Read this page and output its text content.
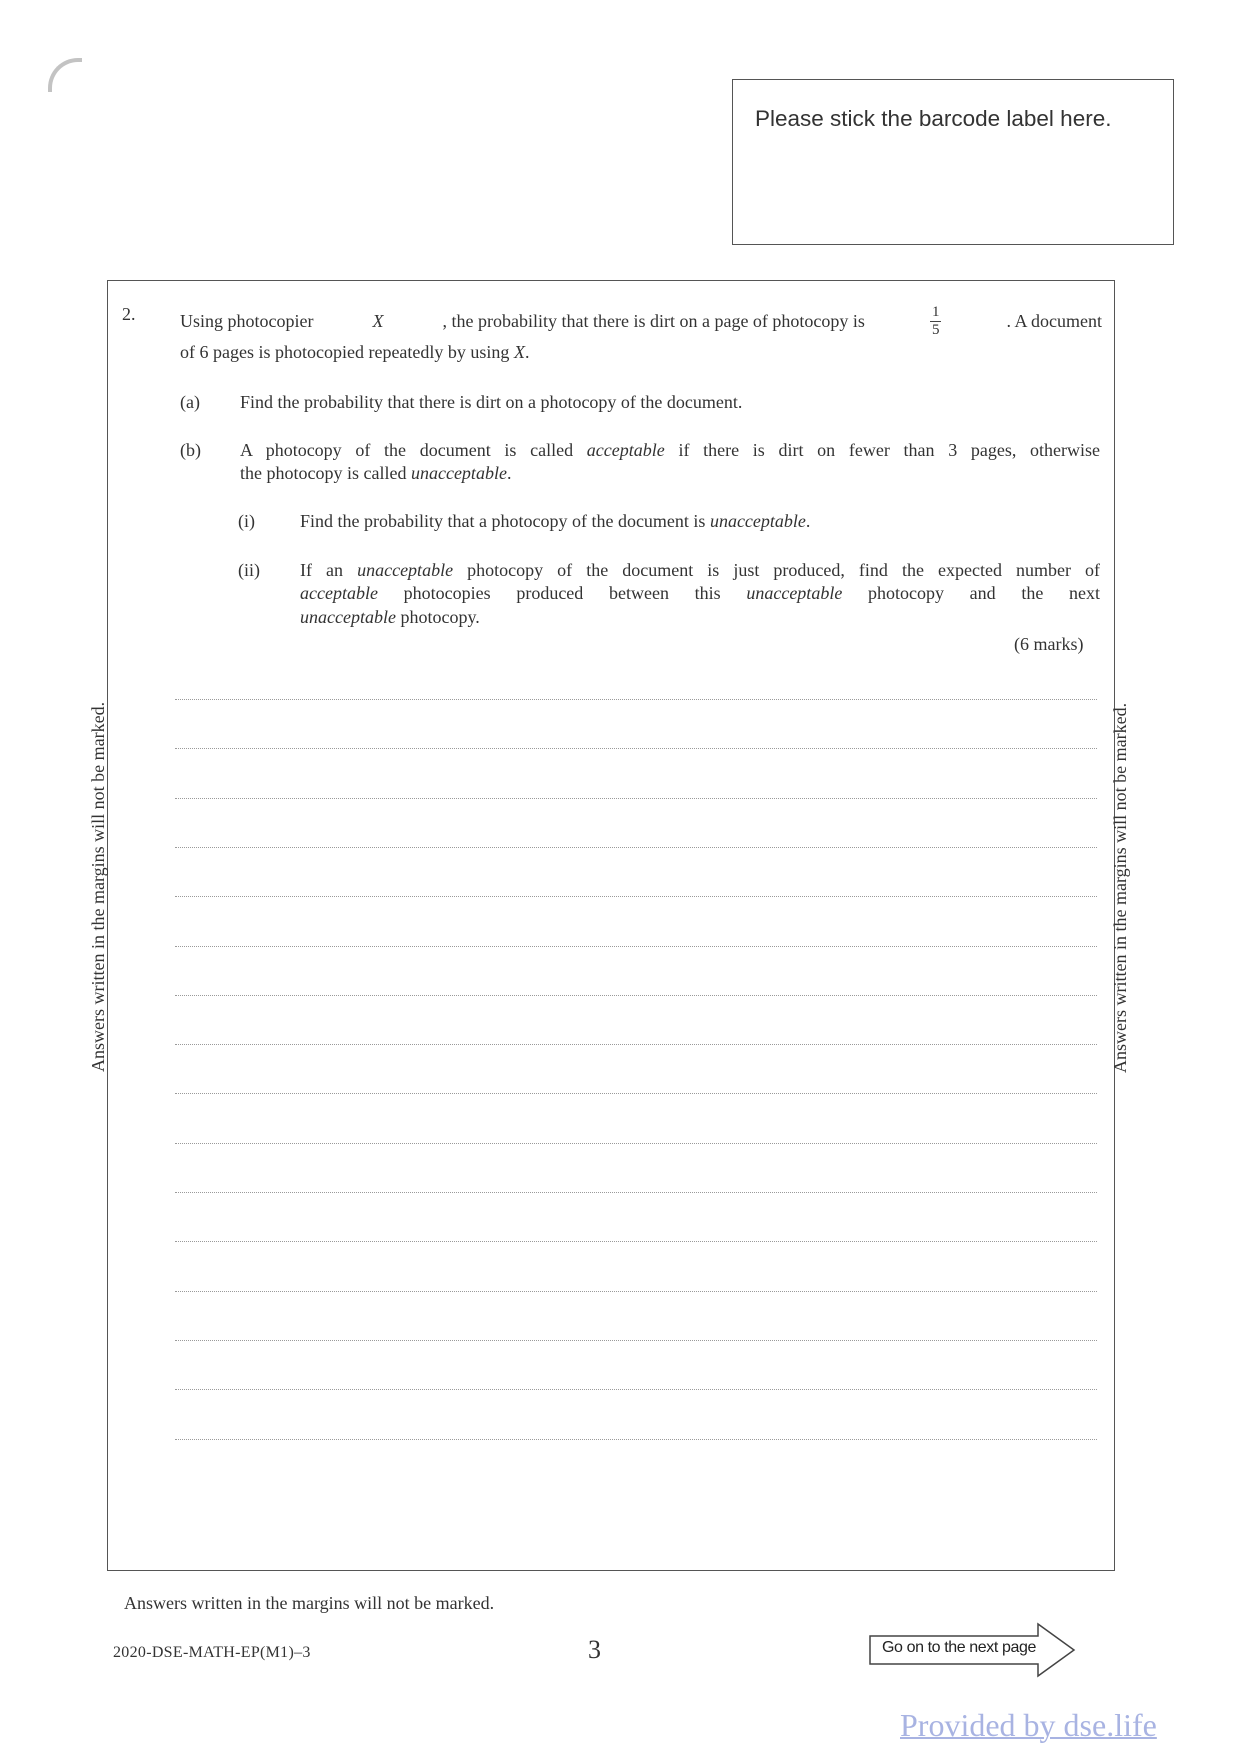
Please stick the barcode label here.
2. Using photocopier	X	, the probability that there is dirt on a page of photocopy is	$\frac{1}{5}$	. A document
of 6 pages is photocopied repeatedly by using X.
(a) Find the probability that there is dirt on a photocopy of the document.
(b) A photocopy of the document is called acceptable if there is dirt on fewer than 3 pages, otherwise
the photocopy is called unacceptable.
(i)	Find the probability that a photocopy of the document is unacceptable.
(ii) If an unacceptable photocopy of the document is just produced, find the expected number of
acceptable photocopies produced between this unacceptable photocopy and the next
unacceptable photocopy.
(6 marks)
Answers written in the margins will not be marked.	Answers written in the margins will not be marked.
Answers written in the margins will not be marked.
2020-DSE-MATH-EP(M1)–3	3	Go on to the next page
Provided by dse.life
